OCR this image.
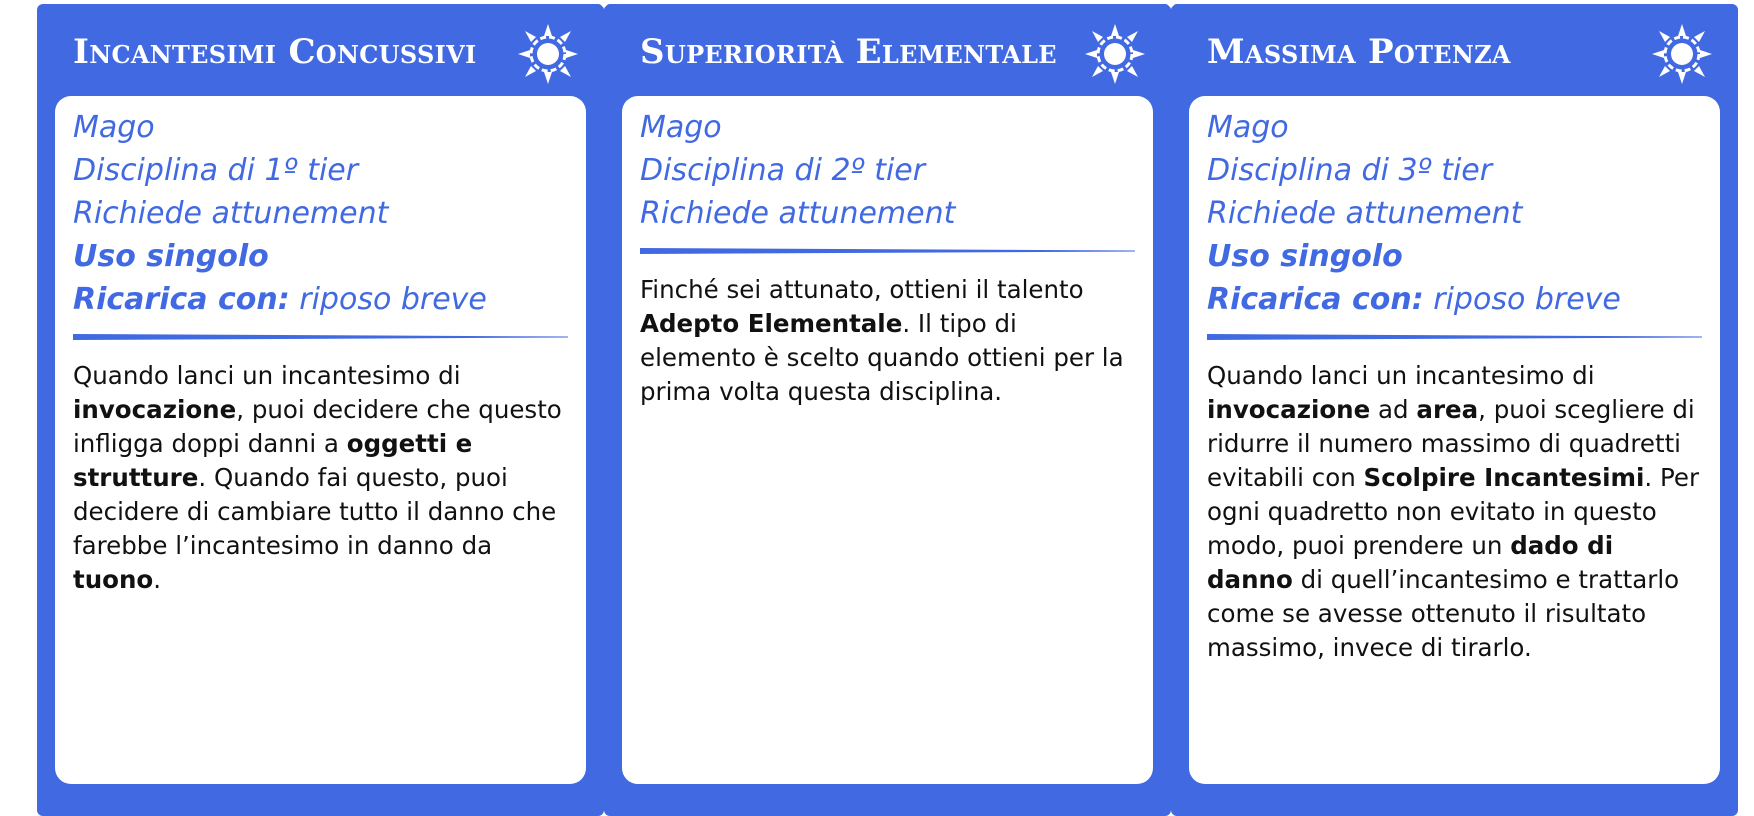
Incantesimi Concussivi
Mago
Disciplina di 1º tier
Richiede attunement
Uso singolo
Ricarica con: riposo breve

Quando lanci un incantesimo di invocazione, puoi decidere che questo infligga doppi danni a oggetti e strutture. Quando fai questo, puoi decidere di cambiare tutto il danno che farebbe l’incantesimo in danno da tuono.

Superiorità Elementale
Mago
Disciplina di 2º tier
Richiede attunement

Finché sei attunato, ottieni il talento Adepto Elementale. Il tipo di elemento è scelto quando ottieni per la prima volta questa disciplina.

Massima Potenza
Mago
Disciplina di 3º tier
Richiede attunement
Uso singolo
Ricarica con: riposo breve

Quando lanci un incantesimo di invocazione ad area, puoi scegliere di ridurre il numero massimo di quadretti evitabili con Scolpire Incantesimi. Per ogni quadretto non evitato in questo modo, puoi prendere un dado di danno di quell’incantesimo e trattarlo come se avesse ottenuto il risultato massimo, invece di tirarlo.
